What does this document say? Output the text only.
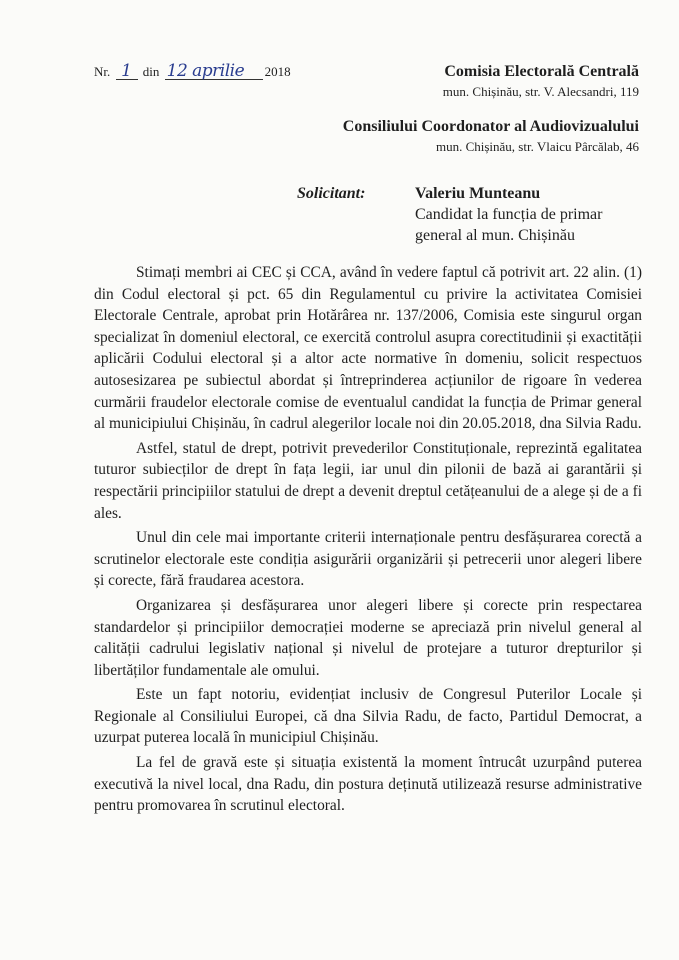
Nr. 1 din 12 aprilie 2018	Comisia Electorală Centrală
mun. Chișinău, str. V. Alecsandri, 119
Consiliului Coordonator al Audiovizualului
mun. Chișinău, str. Vlaicu Pârcălab, 46
Solicitant:	Valeriu Munteanu
Candidat la funcția de primar general al mun. Chișinău

Stimați membri ai CEC și CCA, având în vedere faptul că potrivit art. 22 alin. (1) din Codul electoral și pct. 65 din Regulamentul cu privire la activitatea Comisiei Electorale Centrale, aprobat prin Hotărârea nr. 137/2006, Comisia este singurul organ specializat în domeniul electoral, ce exercită controlul asupra corectitudinii și exactității aplicării Codului electoral și a altor acte normative în domeniu, solicit respectuos autosesizarea pe subiectul abordat și întreprinderea acțiunilor de rigoare în vederea curmării fraudelor electorale comise de eventualul candidat la funcția de Primar general al municipiului Chișinău, în cadrul alegerilor locale noi din 20.05.2018, dna Silvia Radu.

Astfel, statul de drept, potrivit prevederilor Constituționale, reprezintă egalitatea tuturor subiecților de drept în fața legii, iar unul din pilonii de bază ai garantării și respectării principiilor statului de drept a devenit dreptul cetățeanului de a alege și de a fi ales.

Unul din cele mai importante criterii internaționale pentru desfășurarea corectă a scrutinelor electorale este condiția asigurării organizării și petrecerii unor alegeri libere și corecte, fără fraudarea acestora.

Organizarea și desfășurarea unor alegeri libere și corecte prin respectarea standardelor și principiilor democrației moderne se apreciază prin nivelul general al calității cadrului legislativ național și nivelul de protejare a tuturor drepturilor și libertăților fundamentale ale omului.

Este un fapt notoriu, evidențiat inclusiv de Congresul Puterilor Locale și Regionale al Consiliului Europei, că dna Silvia Radu, de facto, Partidul Democrat, a uzurpat puterea locală în municipiul Chișinău.

La fel de gravă este și situația existentă la moment întrucât uzurpând puterea executivă la nivel local, dna Radu, din postura deținută utilizează resurse administrative pentru promovarea în scrutinul electoral.
